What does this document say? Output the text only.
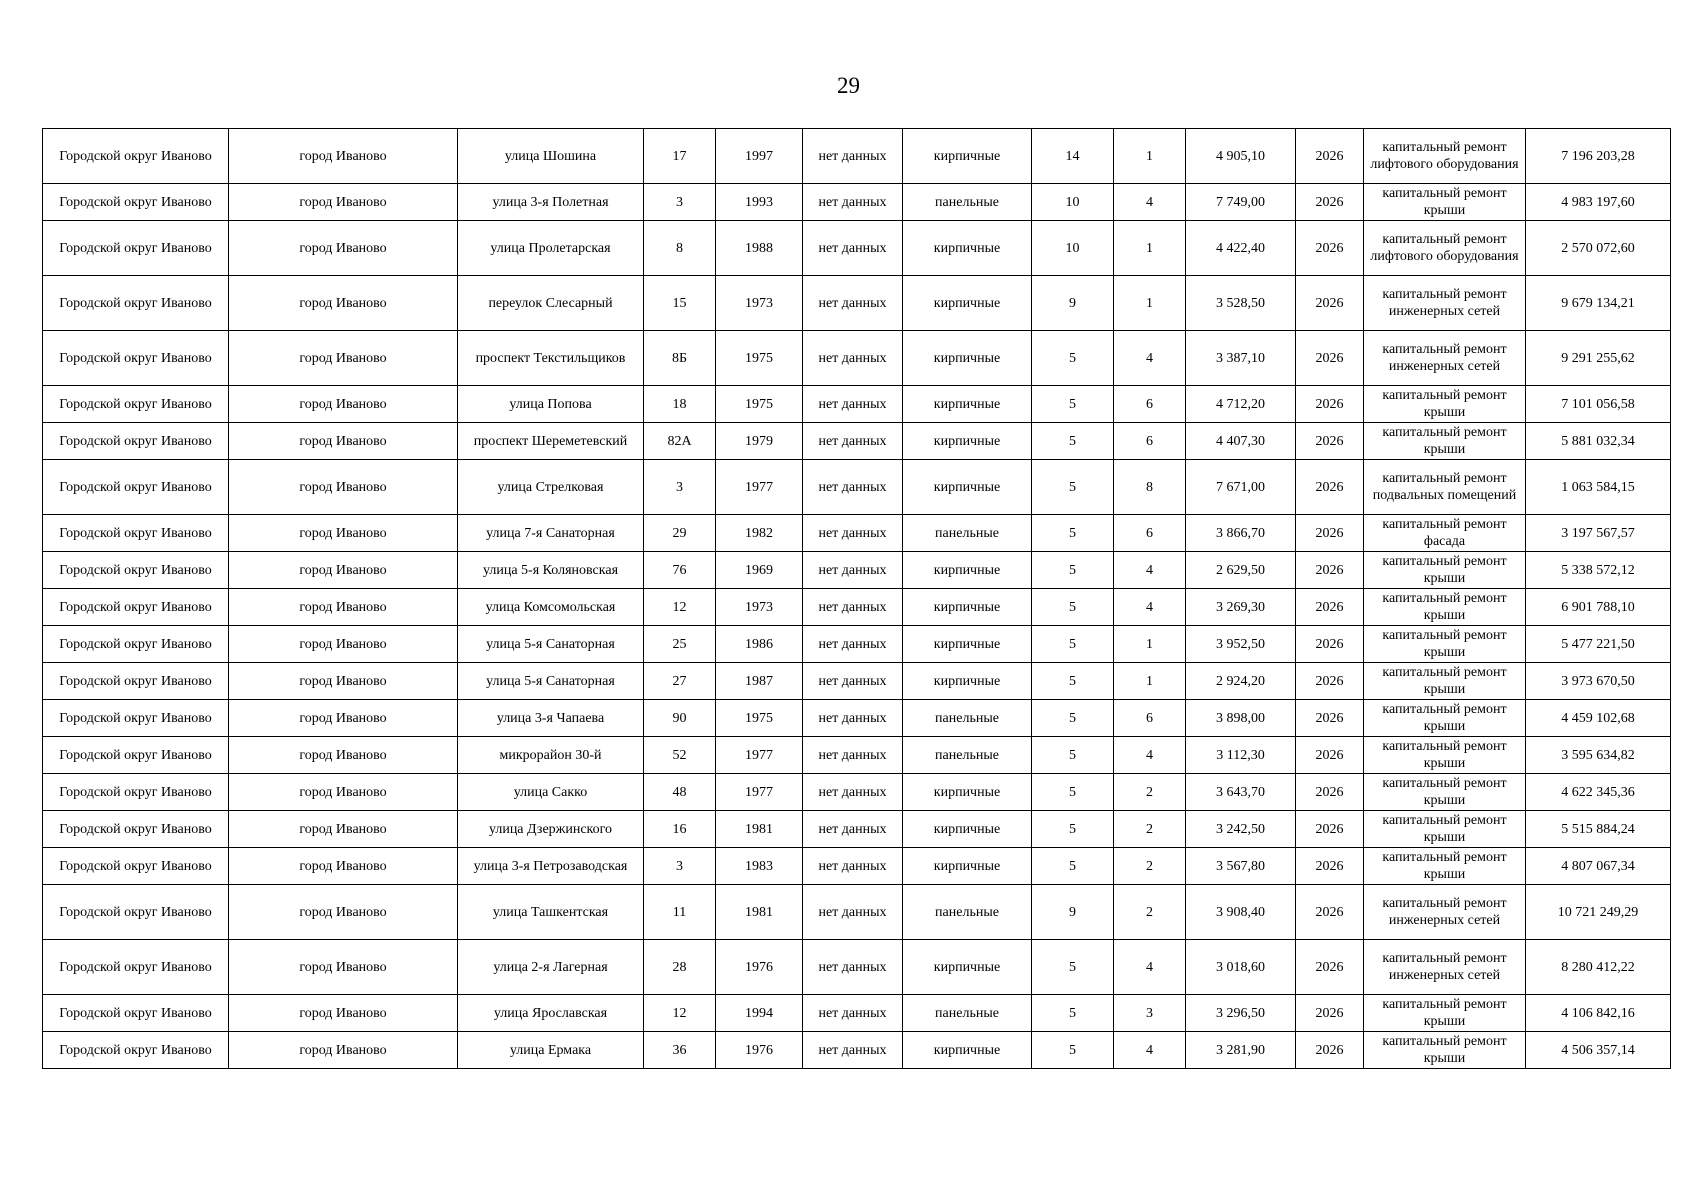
29
Городской округ Иваново	город Иваново	улица Шошина	17	1997	нет данных	кирпичные	14	1	4 905,10	2026	капитальный ремонт лифтового оборудования	7 196 203,28
Городской округ Иваново	город Иваново	улица 3-я Полетная	3	1993	нет данных	панельные	10	4	7 749,00	2026	капитальный ремонт крыши	4 983 197,60
Городской округ Иваново	город Иваново	улица Пролетарская	8	1988	нет данных	кирпичные	10	1	4 422,40	2026	капитальный ремонт лифтового оборудования	2 570 072,60
Городской округ Иваново	город Иваново	переулок Слесарный	15	1973	нет данных	кирпичные	9	1	3 528,50	2026	капитальный ремонт инженерных сетей	9 679 134,21
Городской округ Иваново	город Иваново	проспект Текстильщиков	8Б	1975	нет данных	кирпичные	5	4	3 387,10	2026	капитальный ремонт инженерных сетей	9 291 255,62
Городской округ Иваново	город Иваново	улица Попова	18	1975	нет данных	кирпичные	5	6	4 712,20	2026	капитальный ремонт крыши	7 101 056,58
Городской округ Иваново	город Иваново	проспект Шереметевский	82А	1979	нет данных	кирпичные	5	6	4 407,30	2026	капитальный ремонт крыши	5 881 032,34
Городской округ Иваново	город Иваново	улица Стрелковая	3	1977	нет данных	кирпичные	5	8	7 671,00	2026	капитальный ремонт подвальных помещений	1 063 584,15
Городской округ Иваново	город Иваново	улица 7-я Санаторная	29	1982	нет данных	панельные	5	6	3 866,70	2026	капитальный ремонт фасада	3 197 567,57
Городской округ Иваново	город Иваново	улица 5-я Коляновская	76	1969	нет данных	кирпичные	5	4	2 629,50	2026	капитальный ремонт крыши	5 338 572,12
Городской округ Иваново	город Иваново	улица Комсомольская	12	1973	нет данных	кирпичные	5	4	3 269,30	2026	капитальный ремонт крыши	6 901 788,10
Городской округ Иваново	город Иваново	улица 5-я Санаторная	25	1986	нет данных	кирпичные	5	1	3 952,50	2026	капитальный ремонт крыши	5 477 221,50
Городской округ Иваново	город Иваново	улица 5-я Санаторная	27	1987	нет данных	кирпичные	5	1	2 924,20	2026	капитальный ремонт крыши	3 973 670,50
Городской округ Иваново	город Иваново	улица 3-я Чапаева	90	1975	нет данных	панельные	5	6	3 898,00	2026	капитальный ремонт крыши	4 459 102,68
Городской округ Иваново	город Иваново	микрорайон 30-й	52	1977	нет данных	панельные	5	4	3 112,30	2026	капитальный ремонт крыши	3 595 634,82
Городской округ Иваново	город Иваново	улица Сакко	48	1977	нет данных	кирпичные	5	2	3 643,70	2026	капитальный ремонт крыши	4 622 345,36
Городской округ Иваново	город Иваново	улица Дзержинского	16	1981	нет данных	кирпичные	5	2	3 242,50	2026	капитальный ремонт крыши	5 515 884,24
Городской округ Иваново	город Иваново	улица 3-я Петрозаводская	3	1983	нет данных	кирпичные	5	2	3 567,80	2026	капитальный ремонт крыши	4 807 067,34
Городской округ Иваново	город Иваново	улица Ташкентская	11	1981	нет данных	панельные	9	2	3 908,40	2026	капитальный ремонт инженерных сетей	10 721 249,29
Городской округ Иваново	город Иваново	улица 2-я Лагерная	28	1976	нет данных	кирпичные	5	4	3 018,60	2026	капитальный ремонт инженерных сетей	8 280 412,22
Городской округ Иваново	город Иваново	улица Ярославская	12	1994	нет данных	панельные	5	3	3 296,50	2026	капитальный ремонт крыши	4 106 842,16
Городской округ Иваново	город Иваново	улица Ермака	36	1976	нет данных	кирпичные	5	4	3 281,90	2026	капитальный ремонт крыши	4 506 357,14
